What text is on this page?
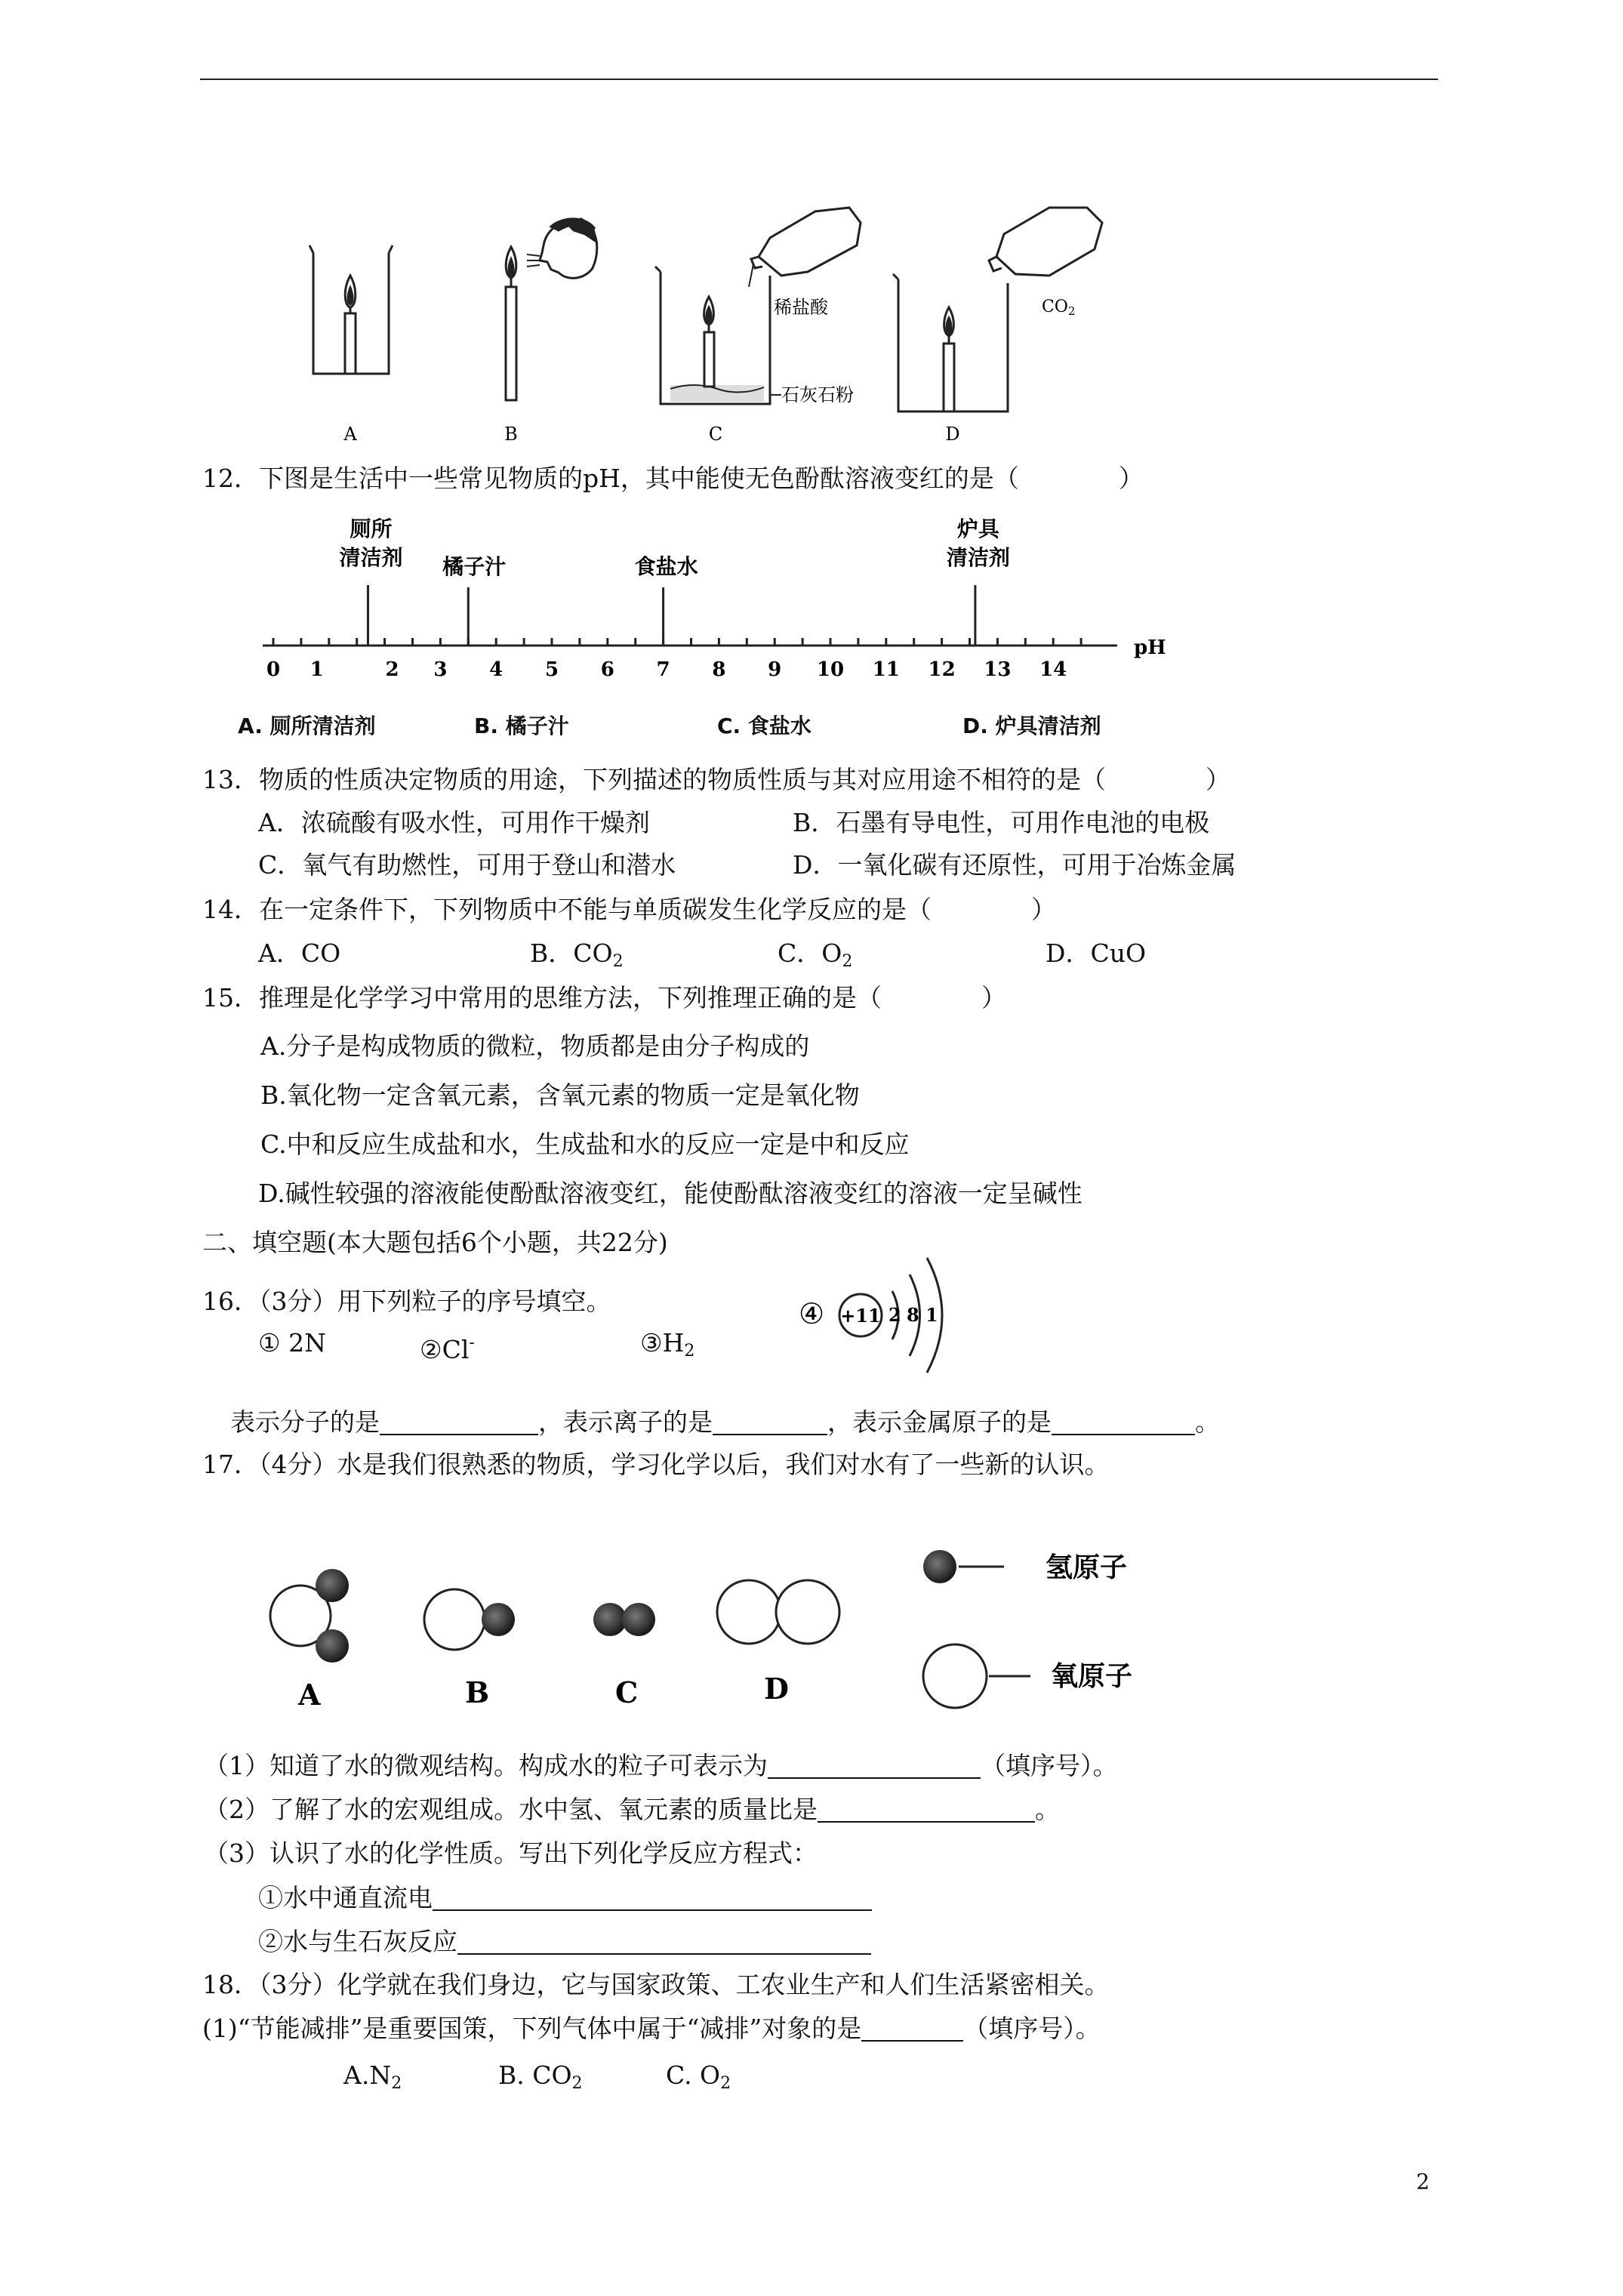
A	B	C	D
稀盐酸
石灰石粉
CO2
12．下图是生活中一些常见物质的pH，其中能使无色酚酞溶液变红的是（　　　　）
0 1	2 3 4 5 6 7 8 9 10 11 12 13 14
厕所
清洁剂 橘子汁	食盐水
炉具
清洁剂
pH
A. 厕所清洁剂	B. 橘子汁	C. 食盐水	D. 炉具清洁剂
13．物质的性质决定物质的用途，下列描述的物质性质与其对应用途不相符的是（　　　　）
A．浓硫酸有吸水性，可用作干燥剂	B．石墨有导电性，可用作电池的电极
C．氧气有助燃性，可用于登山和潜水	D．一氧化碳有还原性，可用于冶炼金属
14．在一定条件下，下列物质中不能与单质碳发生化学反应的是（　　　　）
A．CO	B．$CO_2$	C．$O_2$	D．CuO
15．推理是化学学习中常用的思维方法，下列推理正确的是（　　　　）
A.分子是构成物质的微粒，物质都是由分子构成的
B.氧化物一定含氧元素，含氧元素的物质一定是氧化物
C.中和反应生成盐和水，生成盐和水的反应一定是中和反应
D.碱性较强的溶液能使酚酞溶液变红，能使酚酞溶液变红的溶液一定呈碱性
二、填空题(本大题包括6个小题，共22分)
16．（3分）用下列粒子的序号填空。
① 2N	②Cl-	$③H_2$
④ +11 2 8 1
表示分子的是	，表示离子的是	，表示金属原子的是	。
17．（4分）水是我们很熟悉的物质，学习化学以后，我们对水有了一些新的认识。
氢原子
氧原子
A	B	C	D
（1）知道了水的微观结构。构成水的粒子可表示为	（填序号）。
（2）了解了水的宏观组成。水中氢、氧元素的质量比是	。
（3）认识了水的化学性质。写出下列化学反应方程式：
①水中通直流电
②水与生石灰反应
18．（3分）化学就在我们身边，它与国家政策、工农业生产和人们生活紧密相关。
(1)“节能减排”是重要国策，下列气体中属于“减排”对象的是	（填序号）。
$A.N_2$	B. $CO_2$	C. $O_2$
2
